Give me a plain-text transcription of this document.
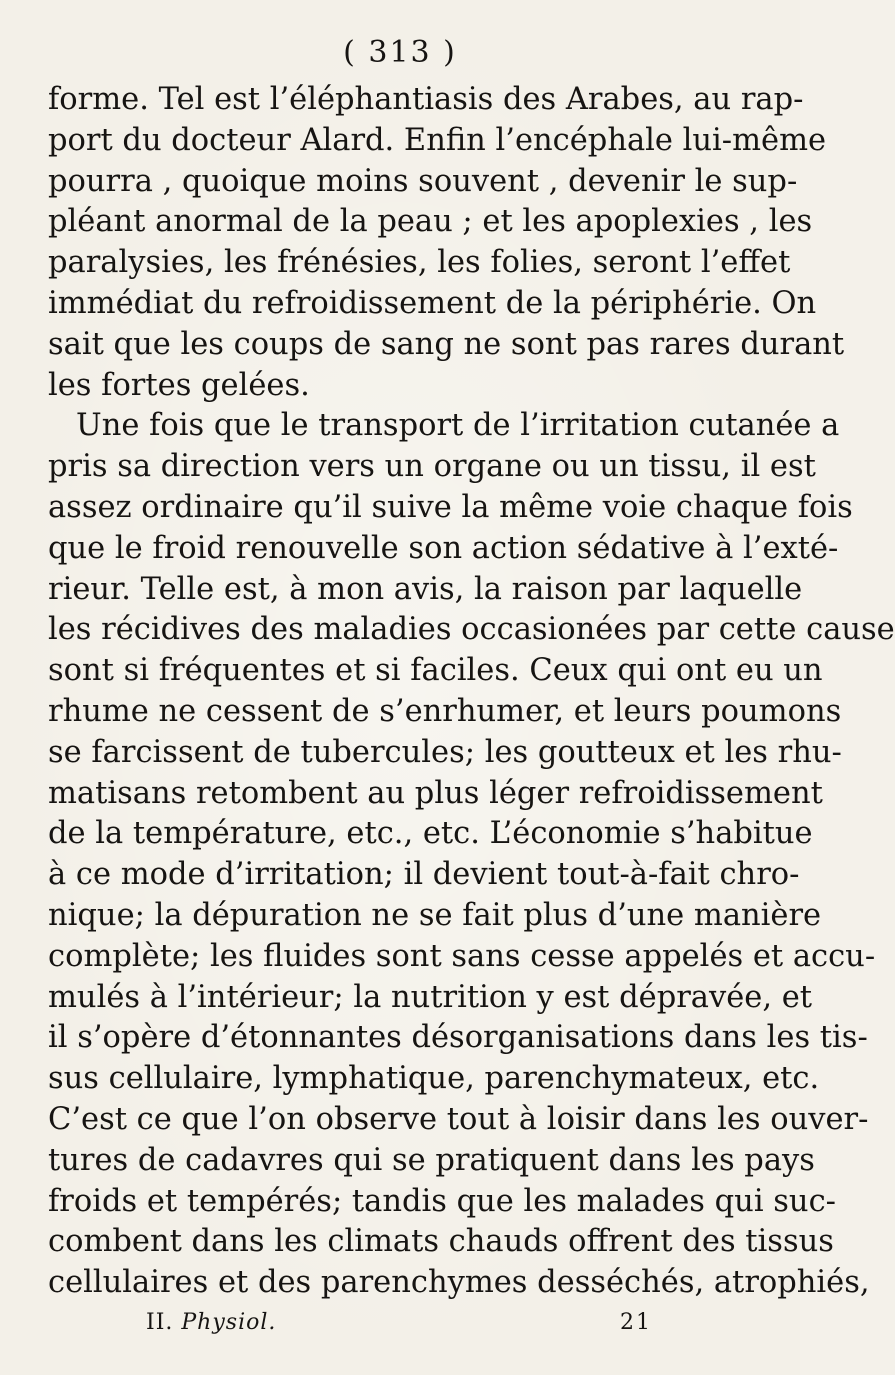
( 313 )
forme. Tel est l’éléphantiasis des Arabes, au rap-
port du docteur Alard. Enfin l’encéphale lui-même
pourra , quoique moins souvent , devenir le sup-
pléant anormal de la peau ; et les apoplexies , les
paralysies, les frénésies, les folies, seront l’effet
immédiat du refroidissement de la périphérie. On
sait que les coups de sang ne sont pas rares durant
les fortes gelées.
Une fois que le transport de l’irritation cutanée a
pris sa direction vers un organe ou un tissu, il est
assez ordinaire qu’il suive la même voie chaque fois
que le froid renouvelle son action sédative à l’exté-
rieur. Telle est, à mon avis, la raison par laquelle
les récidives des maladies occasionées par cette cause
sont si fréquentes et si faciles. Ceux qui ont eu un
rhume ne cessent de s’enrhumer, et leurs poumons
se farcissent de tubercules; les goutteux et les rhu-
matisans retombent au plus léger refroidissement
de la température, etc., etc. L’économie s’habitue
à ce mode d’irritation; il devient tout-à-fait chro-
nique; la dépuration ne se fait plus d’une manière
complète; les fluides sont sans cesse appelés et accu-
mulés à l’intérieur; la nutrition y est dépravée, et
il s’opère d’étonnantes désorganisations dans les tis-
sus cellulaire, lymphatique, parenchymateux, etc.
C’est ce que l’on observe tout à loisir dans les ouver-
tures de cadavres qui se pratiquent dans les pays
froids et tempérés; tandis que les malades qui suc-
combent dans les climats chauds offrent des tissus
cellulaires et des parenchymes desséchés, atrophiés,
II. Physiol.	21
